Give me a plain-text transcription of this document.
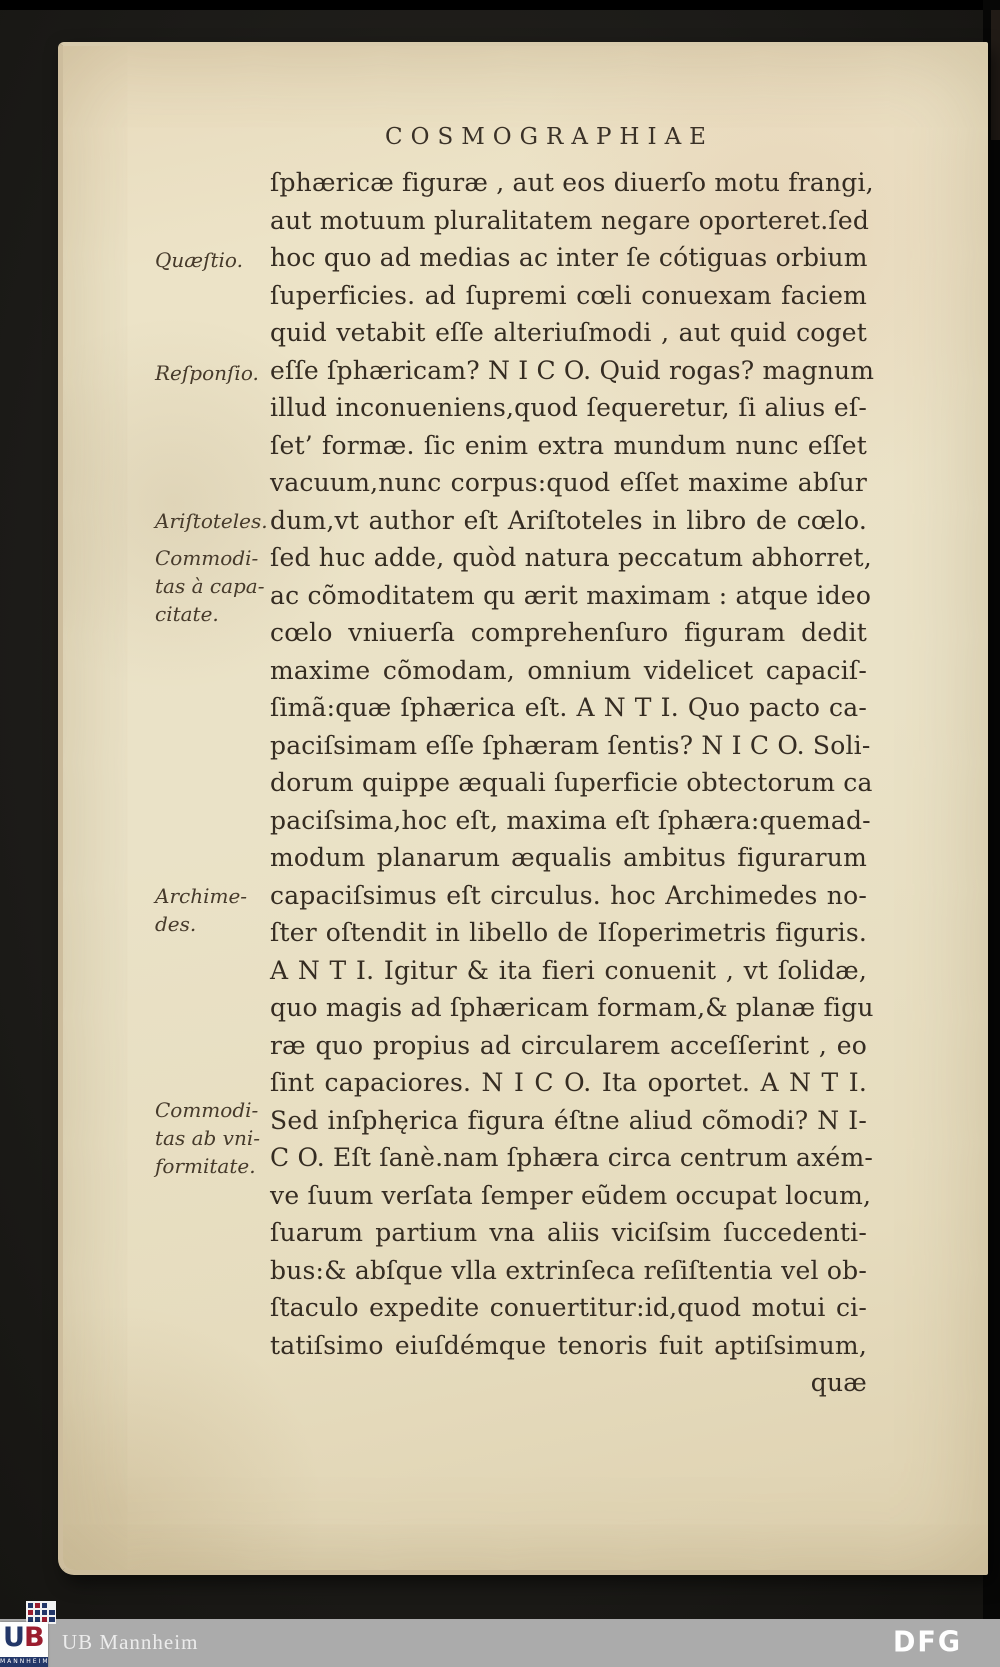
COSMOGRAPHIAE
Quæſtio.
Reſponſio.
Ariſtoteles.
Commodi-
tas à capa-
citate.
Archime-
des.
Commodi-
tas ab vni-
formitate.
ſphæricæ figuræ , aut eos diuerſo motu frangi,
aut motuum pluralitatem negare oporteret.ſed
hoc quo ad medias ac inter ſe cótiguas orbium
ſuperficies. ad ſupremi cœli conuexam faciem
quid vetabit eſſe alteriuſmodi , aut quid coget
eſſe ſphæricam? N I C O. Quid rogas? magnum
illud inconueniens,quod ſequeretur, ſi alius eſ-
ſet’ formæ. ſic enim extra mundum nunc eſſet
vacuum,nunc corpus:quod eſſet maxime abſur
dum,vt author eſt Ariſtoteles in libro de cœlo.
ſed huc adde, quòd natura peccatum abhorret,
ac cõmoditatem qu ærit maximam : atque ideo
cœlo vniuerſa comprehenſuro figuram dedit
maxime cõmodam, omnium videlicet capaciſ-
ſimã:quæ ſphærica eſt. A N T I. Quo pacto ca-
paciſsimam eſſe ſphæram ſentis? N I C O. Soli-
dorum quippe æquali ſuperficie obtectorum ca
paciſsima,hoc eſt, maxima eſt ſphæra:quemad-
modum planarum æqualis ambitus figurarum
capaciſsimus eſt circulus. hoc Archimedes no-
ſter oſtendit in libello de Iſoperimetris figuris.
A N T I. Igitur & ita fieri conuenit , vt ſolidæ,
quo magis ad ſphæricam formam,& planæ figu
ræ quo propius ad circularem acceſſerint , eo
ſint capaciores. N I C O. Ita oportet. A N T I.
Sed inſphęrica figura éſtne aliud cõmodi? N I-
C O. Eſt ſanè.nam ſphæra circa centrum axém-
ve ſuum verſata ſemper eũdem occupat locum,
ſuarum partium vna aliis viciſsim ſuccedenti-
bus:& abſque vlla extrinſeca reſiſtentia vel ob-
ſtaculo expedite conuertitur:id,quod motui ci-
tatiſsimo eiuſdémque tenoris fuit aptiſsimum,
quæ
UB
MANNHEIM
UB Mannheim	DFG
